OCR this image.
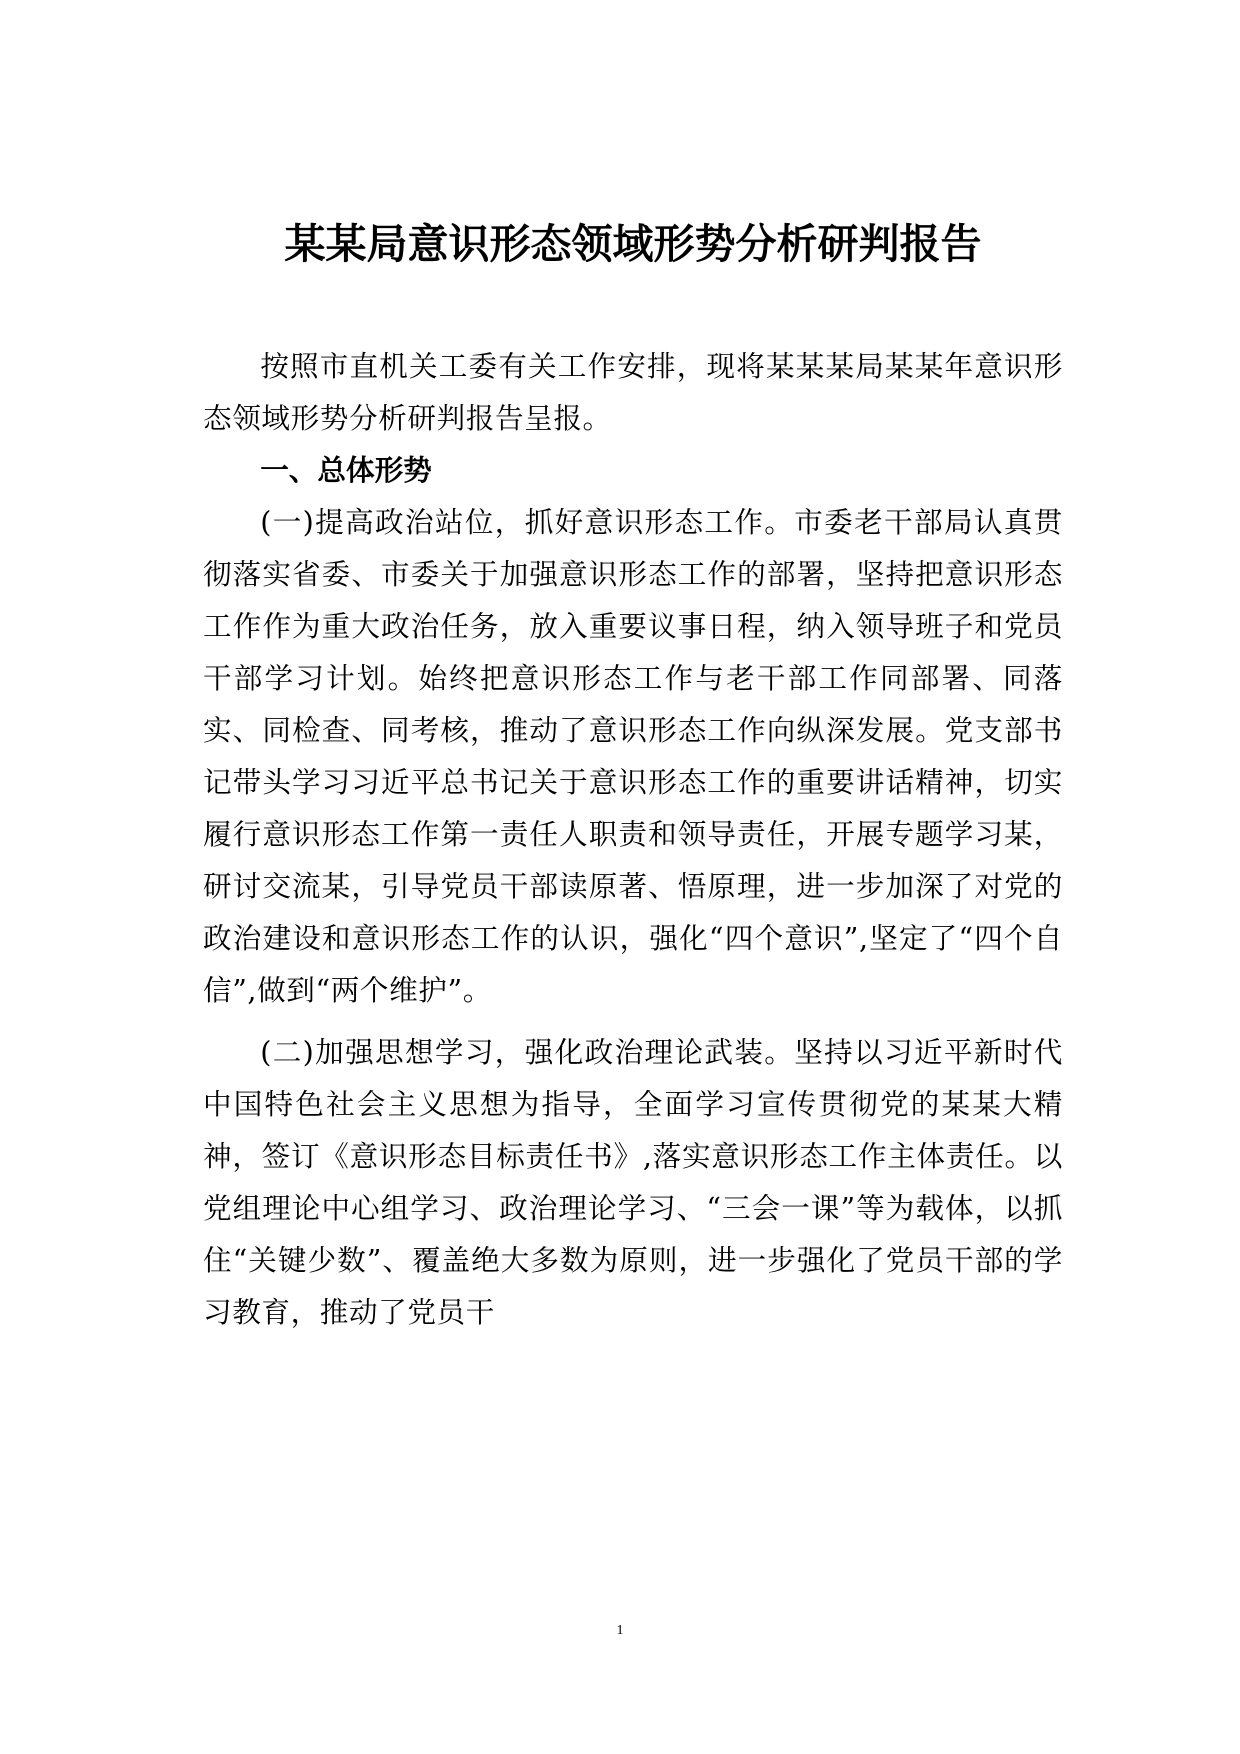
某某局意识形态领域形势分析研判报告

按照市直机关工委有关工作安排，现将某某某局某某年意识形态领域形势分析研判报告呈报。

一、总体形势

(一)提高政治站位，抓好意识形态工作。市委老干部局认真贯彻落实省委、市委关于加强意识形态工作的部署，坚持把意识形态工作作为重大政治任务，放入重要议事日程，纳入领导班子和党员干部学习计划。始终把意识形态工作与老干部工作同部署、同落实、同检查、同考核，推动了意识形态工作向纵深发展。党支部书记带头学习习近平总书记关于意识形态工作的重要讲话精神，切实履行意识形态工作第一责任人职责和领导责任，开展专题学习某，研讨交流某，引导党员干部读原著、悟原理，进一步加深了对党的政治建设和意识形态工作的认识，强化“四个意识”,坚定了“四个自信”,做到“两个维护”。

(二)加强思想学习，强化政治理论武装。坚持以习近平新时代中国特色社会主义思想为指导，全面学习宣传贯彻党的某某大精神，签订《意识形态目标责任书》,落实意识形态工作主体责任。以党组理论中心组学习、政治理论学习、“三会一课”等为载体，以抓住“关键少数”、覆盖绝大多数为原则，进一步强化了党员干部的学习教育，推动了党员干

1
